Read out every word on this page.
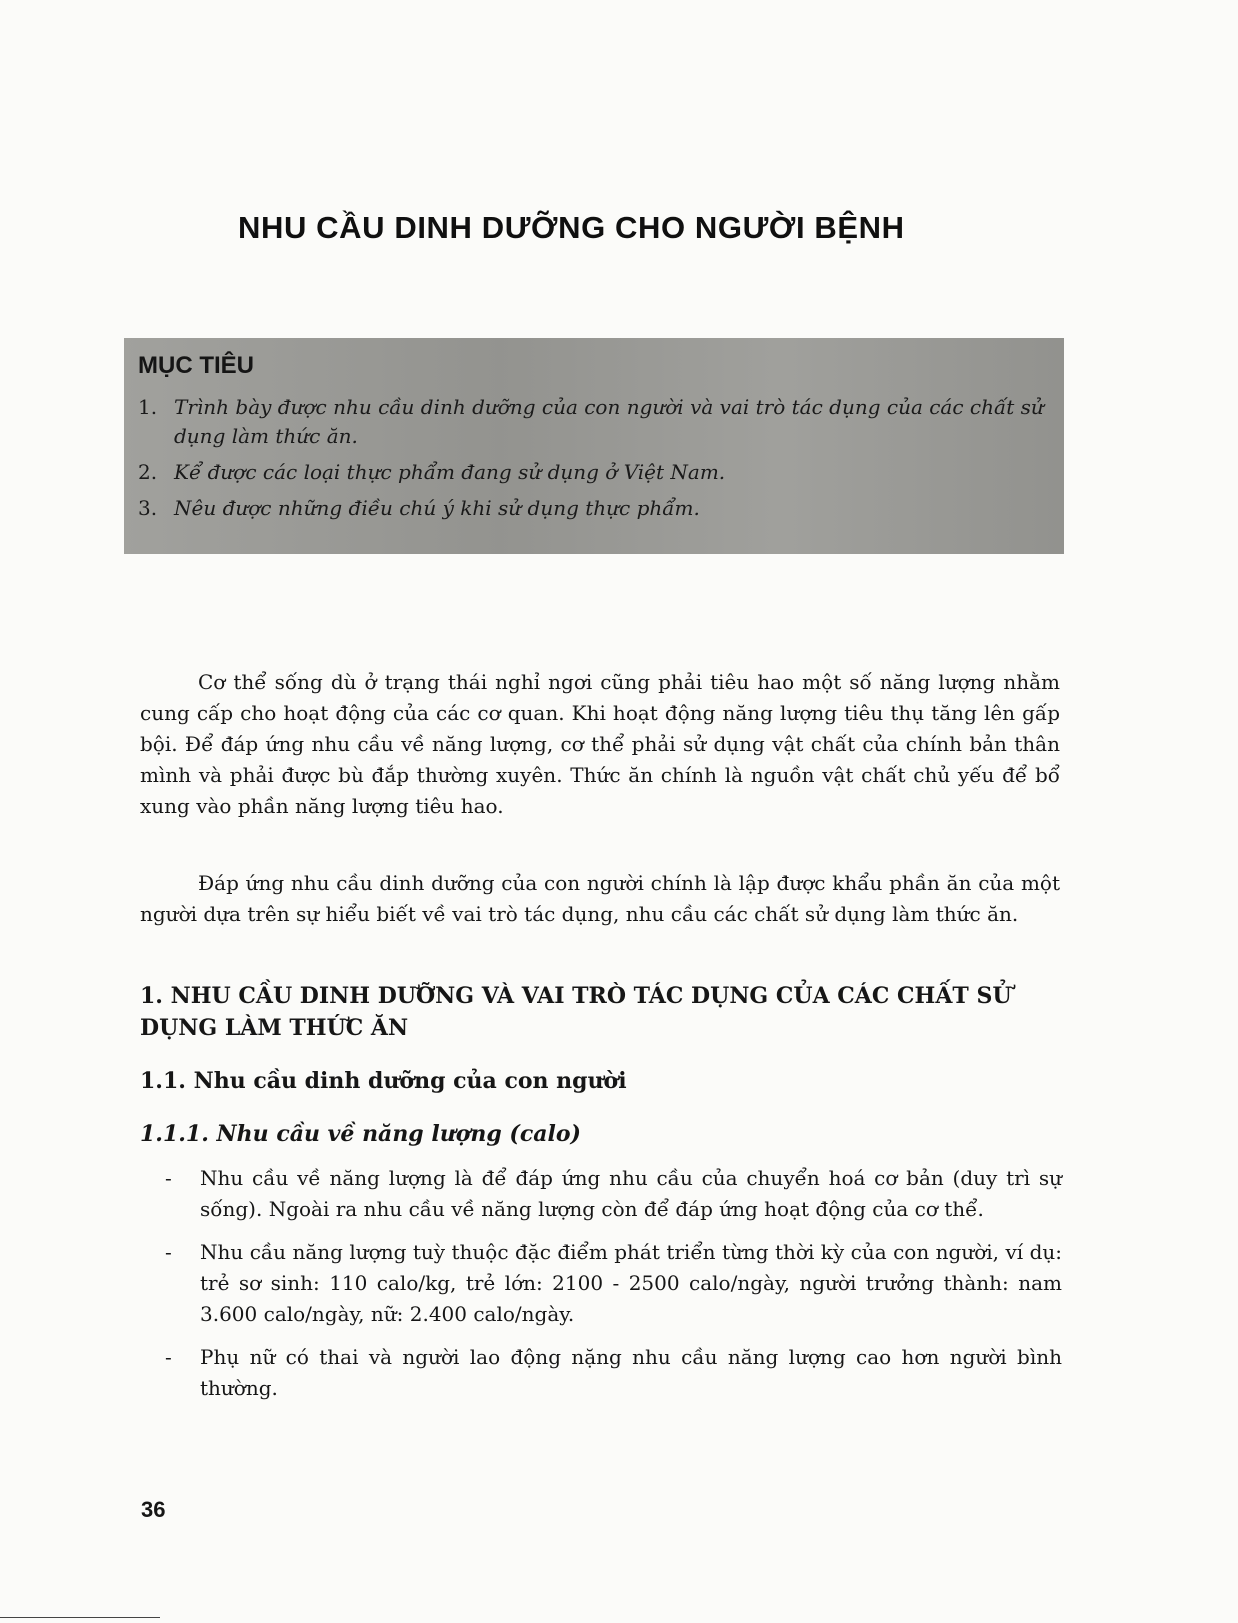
NHU CẦU DINH DƯỠNG CHO NGƯỜI BỆNH
MỤC TIÊU
1. Trình bày được nhu cầu dinh dưỡng của con người và vai trò tác dụng của các chất sử dụng làm thức ăn.
2. Kể được các loại thực phẩm đang sử dụng ở Việt Nam.
3. Nêu được những điều chú ý khi sử dụng thực phẩm.

Cơ thể sống dù ở trạng thái nghỉ ngơi cũng phải tiêu hao một số năng lượng nhằm cung cấp cho hoạt động của các cơ quan. Khi hoạt động năng lượng tiêu thụ tăng lên gấp bội. Để đáp ứng nhu cầu về năng lượng, cơ thể phải sử dụng vật chất của chính bản thân mình và phải được bù đắp thường xuyên. Thức ăn chính là nguồn vật chất chủ yếu để bổ xung vào phần năng lượng tiêu hao.

Đáp ứng nhu cầu dinh dưỡng của con người chính là lập được khẩu phần ăn của một người dựa trên sự hiểu biết về vai trò tác dụng, nhu cầu các chất sử dụng làm thức ăn.

1. NHU CẦU DINH DƯỠNG VÀ VAI TRÒ TÁC DỤNG CỦA CÁC CHẤT SỬ DỤNG LÀM THỨC ĂN
1.1. Nhu cầu dinh dưỡng của con người
1.1.1. Nhu cầu về năng lượng (calo)
- Nhu cầu về năng lượng là để đáp ứng nhu cầu của chuyển hoá cơ bản (duy trì sự sống). Ngoài ra nhu cầu về năng lượng còn để đáp ứng hoạt động của cơ thể.
- Nhu cầu năng lượng tuỳ thuộc đặc điểm phát triển từng thời kỳ của con người, ví dụ: trẻ sơ sinh: 110 calo/kg, trẻ lớn: 2100 - 2500 calo/ngày, người trưởng thành: nam 3.600 calo/ngày, nữ: 2.400 calo/ngày.
- Phụ nữ có thai và người lao động nặng nhu cầu năng lượng cao hơn người bình thường.

36
